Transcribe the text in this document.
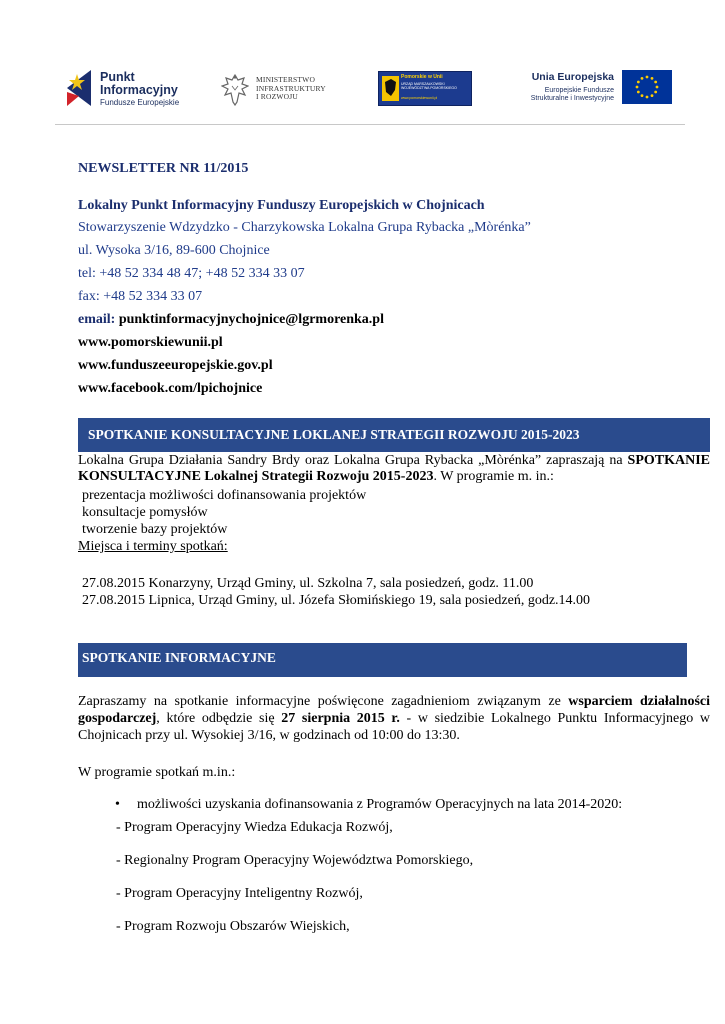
Punkt
Informacyjny
Fundusze Europejskie
MINISTERSTWO
INFRASTRUKTURY
I ROZWOJU
Pomorskie w Unii
URZĄD MARSZAŁKOWSKI
WOJEWÓDZTWA POMORSKIEGO
www.pomorskiewunii.pl
Unia Europejska
Europejskie Fundusze
Strukturalne i Inwestycyjne
NEWSLETTER NR 11/2015
Lokalny Punkt Informacyjny Funduszy Europejskich w Chojnicach
Stowarzyszenie Wdzydzko - Charzykowska Lokalna Grupa Rybacka „Mòrénka”
ul. Wysoka 3/16, 89-600 Chojnice
tel: +48 52 334 48 47; +48 52 334 33 07
fax: +48 52 334 33 07
email: punktinformacyjnychojnice@lgrmorenka.pl
www.pomorskiewunii.pl
www.funduszeeuropejskie.gov.pl
www.facebook.com/lpichojnice
SPOTKANIE KONSULTACYJNE LOKLANEJ STRATEGII ROZWOJU 2015-2023
Lokalna Grupa Działania Sandry Brdy oraz Lokalna Grupa Rybacka „Mòrénka” zapraszają na SPOTKANIE KONSULTACYJNE Lokalnej Strategii Rozwoju 2015-2023. W programie m. in.:
prezentacja możliwości dofinansowania projektów
konsultacje pomysłów
tworzenie bazy projektów
Miejsca i terminy spotkań:
27.08.2015 Konarzyny, Urząd Gminy, ul. Szkolna 7, sala posiedzeń, godz. 11.00
27.08.2015 Lipnica, Urząd Gminy, ul. Józefa Słomińskiego 19, sala posiedzeń, godz.14.00
SPOTKANIE INFORMACYJNE
Zapraszamy na spotkanie informacyjne poświęcone zagadnieniom związanym ze wsparciem działalności gospodarczej, które odbędzie się 27 sierpnia 2015 r. - w siedzibie Lokalnego Punktu Informacyjnego w Chojnicach przy ul. Wysokiej 3/16, w godzinach od 10:00 do 13:30.
W programie spotkań m.in.:
• możliwości uzyskania dofinansowania z Programów Operacyjnych na lata 2014-2020:
- Program Operacyjny Wiedza Edukacja Rozwój,
- Regionalny Program Operacyjny Województwa Pomorskiego,
- Program Operacyjny Inteligentny Rozwój,
- Program Rozwoju Obszarów Wiejskich,
